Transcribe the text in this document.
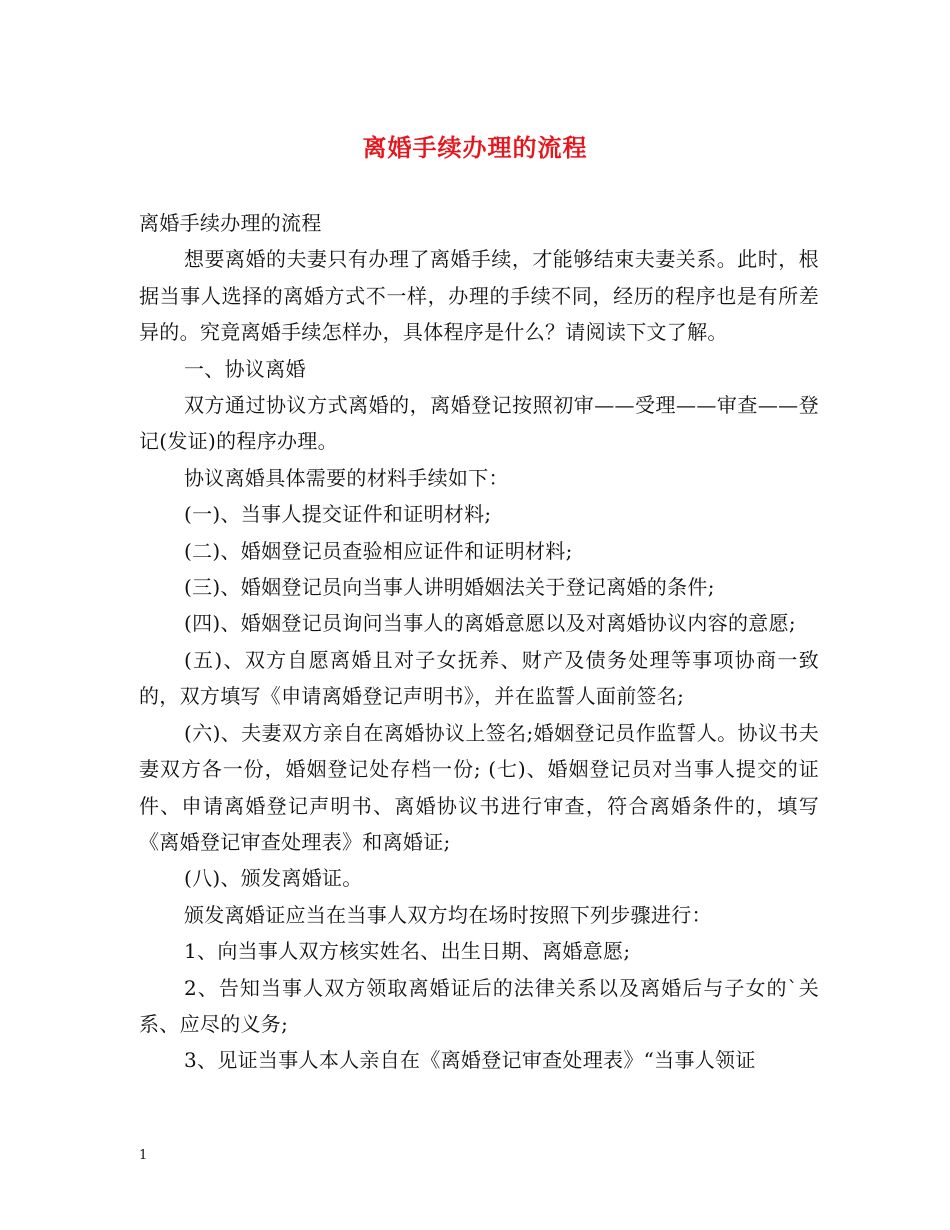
离婚手续办理的流程

离婚手续办理的流程

想要离婚的夫妻只有办理了离婚手续，才能够结束夫妻关系。此时，根据当事人选择的离婚方式不一样，办理的手续不同，经历的程序也是有所差异的。究竟离婚手续怎样办，具体程序是什么？请阅读下文了解。

一、协议离婚

双方通过协议方式离婚的，离婚登记按照初审——受理——审查——登记(发证)的程序办理。

协议离婚具体需要的材料手续如下：

(一)、当事人提交证件和证明材料;

(二)、婚姻登记员查验相应证件和证明材料;

(三)、婚姻登记员向当事人讲明婚姻法关于登记离婚的条件;

(四)、婚姻登记员询问当事人的离婚意愿以及对离婚协议内容的意愿;

(五)、双方自愿离婚且对子女抚养、财产及债务处理等事项协商一致的，双方填写《申请离婚登记声明书》，并在监誓人面前签名;

(六)、夫妻双方亲自在离婚协议上签名;婚姻登记员作监誓人。协议书夫妻双方各一份，婚姻登记处存档一份; (七)、婚姻登记员对当事人提交的证件、申请离婚登记声明书、离婚协议书进行审查，符合离婚条件的，填写《离婚登记审查处理表》和离婚证;

(八)、颁发离婚证。

颁发离婚证应当在当事人双方均在场时按照下列步骤进行：

1、向当事人双方核实姓名、出生日期、离婚意愿;

2、告知当事人双方领取离婚证后的法律关系以及离婚后与子女的`关系、应尽的义务;

3、见证当事人本人亲自在《离婚登记审查处理表》“当事人领证

1
